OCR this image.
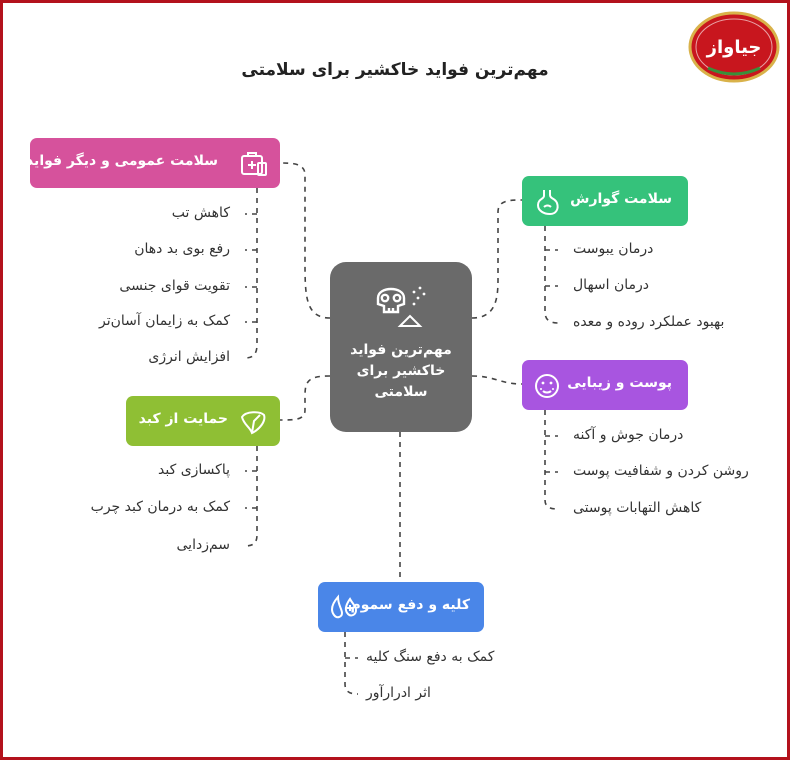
مهم‌ترین فواید خاکشیر برای سلامتی
جیاواز
مهم‌ترین فواید
خاکشیر برای
سلامتی
سلامت عمومی و دیگر فواید
کاهش تب
رفع بوی بد دهان
تقویت قوای جنسی
کمک به زایمان آسان‌تر
افزایش انرژی
حمایت از کبد
پاکسازی کبد
کمک به درمان کبد چرب
سم‌زدایی
کلیه و دفع سموم
کمک به دفع سنگ کلیه
اثر ادرارآور
سلامت گوارش
درمان یبوست
درمان اسهال
بهبود عملکرد روده و معده
پوست و زیبایی
درمان جوش و آکنه
روشن کردن و شفافیت پوست
کاهش التهابات پوستی
